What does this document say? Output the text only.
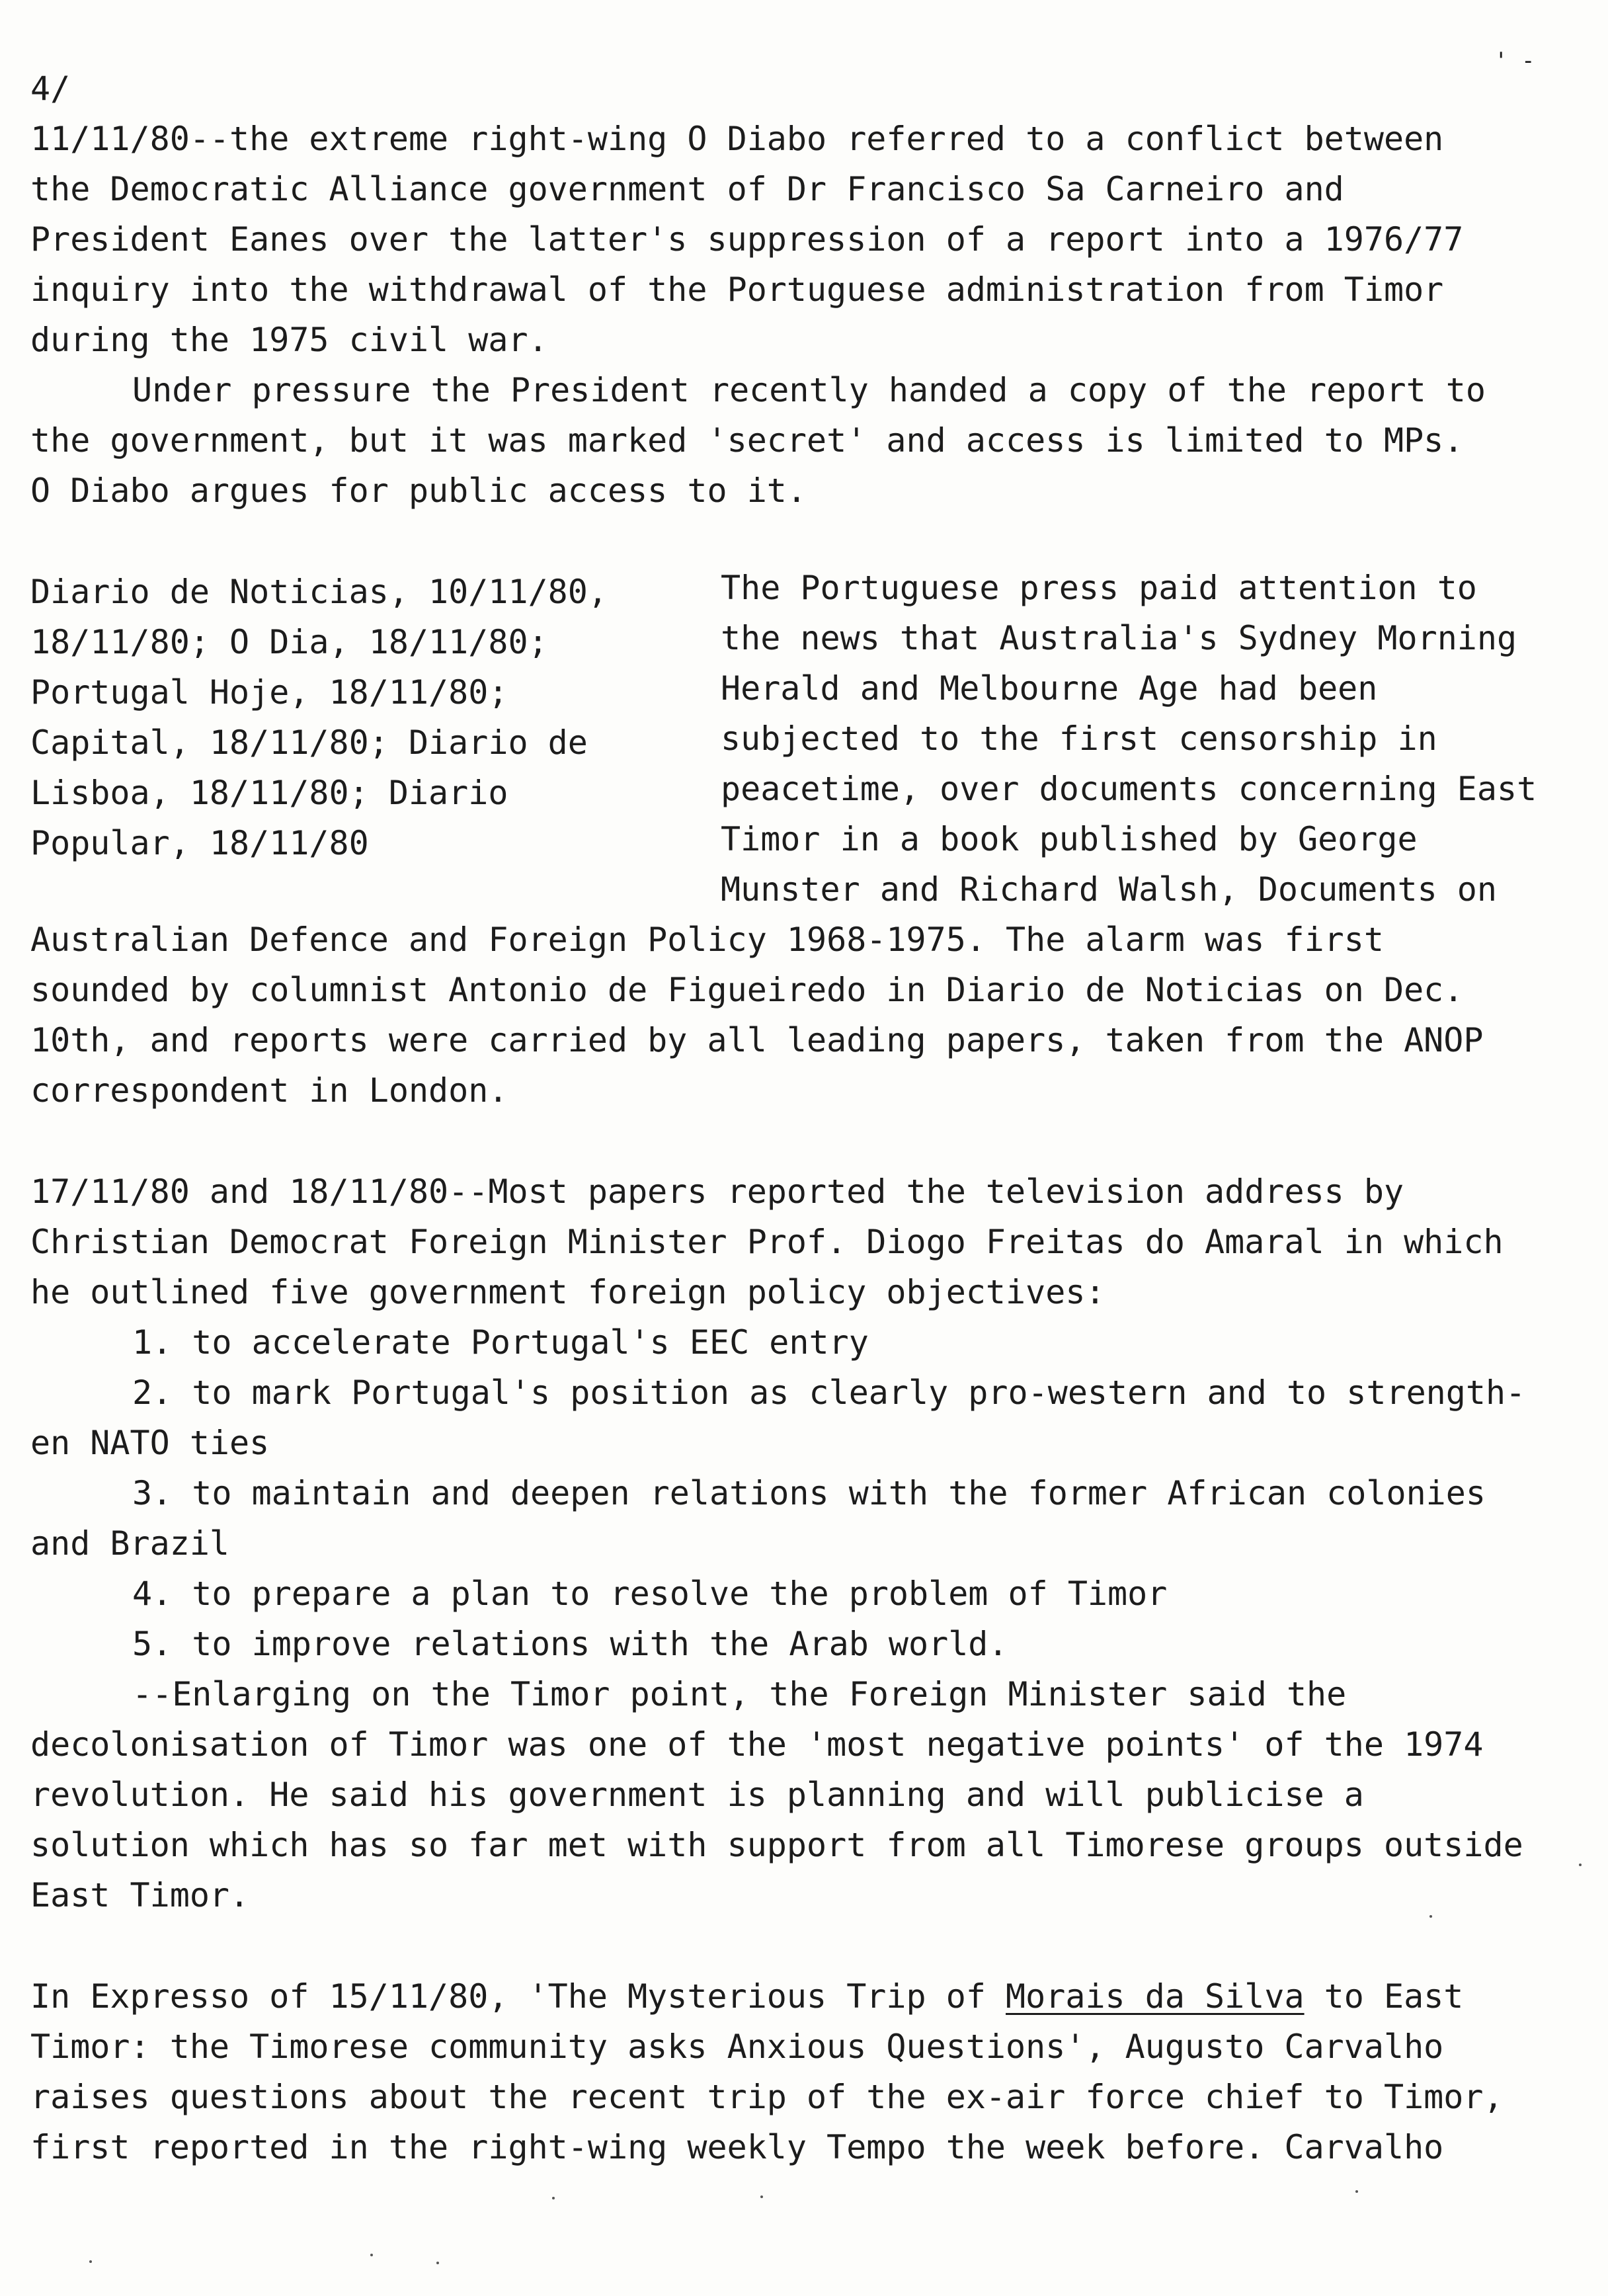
4/
' -
11/11/80--the extreme right-wing O Diabo referred to a conflict between
the Democratic Alliance government of Dr Francisco Sa Carneiro and
President Eanes over the latter's suppression of a report into a 1976/77
inquiry into the withdrawal of the Portuguese administration from Timor
during the 1975 civil war.
Under pressure the President recently handed a copy of the report to
the government, but it was marked 'secret' and access is limited to MPs.
O Diabo argues for public access to it.
Diario de Noticias, 10/11/80,
18/11/80; O Dia, 18/11/80;
Portugal Hoje, 18/11/80;
Capital, 18/11/80; Diario de
Lisboa, 18/11/80; Diario
Popular, 18/11/80
The Portuguese press paid attention to
the news that Australia's Sydney Morning
Herald and Melbourne Age had been
subjected to the first censorship in
peacetime, over documents concerning East
Timor in a book published by George
Munster and Richard Walsh, Documents on
Australian Defence and Foreign Policy 1968-1975. The alarm was first
sounded by columnist Antonio de Figueiredo in Diario de Noticias on Dec.
10th, and reports were carried by all leading papers, taken from the ANOP
correspondent in London.
17/11/80 and 18/11/80--Most papers reported the television address by
Christian Democrat Foreign Minister Prof. Diogo Freitas do Amaral in which
he outlined five government foreign policy objectives:
1. to accelerate Portugal's EEC entry
2. to mark Portugal's position as clearly pro-western and to strength-
en NATO ties
3. to maintain and deepen relations with the former African colonies
and Brazil
4. to prepare a plan to resolve the problem of Timor
5. to improve relations with the Arab world.
--Enlarging on the Timor point, the Foreign Minister said the
decolonisation of Timor was one of the 'most negative points' of the 1974
revolution. He said his government is planning and will publicise a
solution which has so far met with support from all Timorese groups outside
East Timor.
In Expresso of 15/11/80, 'The Mysterious Trip of Morais da Silva to East
Timor: the Timorese community asks Anxious Questions', Augusto Carvalho
raises questions about the recent trip of the ex-air force chief to Timor,
first reported in the right-wing weekly Tempo the week before. Carvalho
